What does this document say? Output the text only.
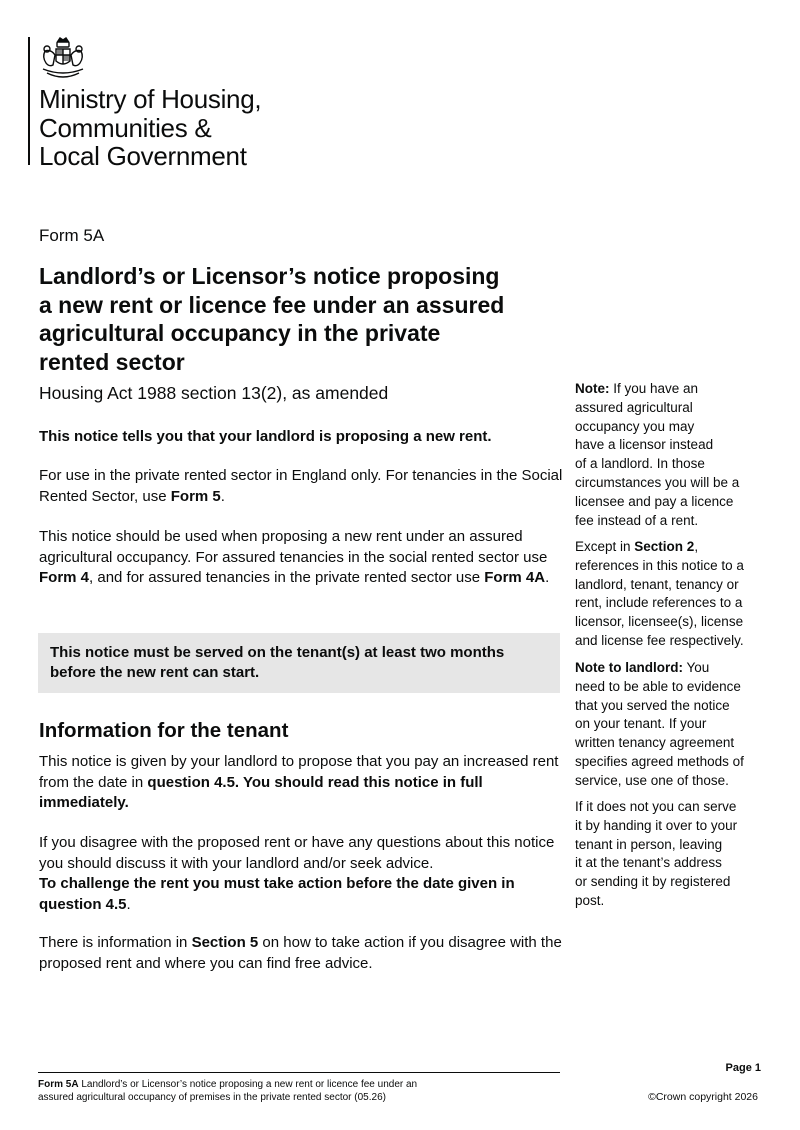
Ministry of Housing,
Communities &
Local Government
Form 5A
Landlord’s or Licensor’s notice proposing
a new rent or licence fee under an assured
agricultural occupancy in the private
rented sector
Housing Act 1988 section 13(2), as amended
This notice tells you that your landlord is proposing a new rent.
For use in the private rented sector in England only. For tenancies in the Social Rented Sector, use Form 5.
This notice should be used when proposing a new rent under an assured agricultural occupancy. For assured tenancies in the social rented sector use Form 4, and for assured tenancies in the private rented sector use Form 4A.
This notice must be served on the tenant(s) at least two months before the new rent can start.
Information for the tenant
This notice is given by your landlord to propose that you pay an increased rent from the date in question 4.5. You should read this notice in full immediately.
If you disagree with the proposed rent or have any questions about this notice you should discuss it with your landlord and/or seek advice.
To challenge the rent you must take action before the date given in question 4.5.
There is information in Section 5 on how to take action if you disagree with the proposed rent and where you can find free advice.
Note: If you have an
assured agricultural
occupancy you may
have a licensor instead
of a landlord. In those
circumstances you will be a
licensee and pay a licence
fee instead of a rent.
Except in Section 2,
references in this notice to a
landlord, tenant, tenancy or
rent, include references to a
licensor, licensee(s), license
and license fee respectively.
Note to landlord: You
need to be able to evidence
that you served the notice
on your tenant. If your
written tenancy agreement
specifies agreed methods of
service, use one of those.
If it does not you can serve
it by handing it over to your
tenant in person, leaving
it at the tenant’s address
or sending it by registered
post.
Form 5A Landlord’s or Licensor’s notice proposing a new rent or licence fee under an
assured agricultural occupancy of premises in the private rented sector (05.26)
Page 1
©Crown copyright 2026
